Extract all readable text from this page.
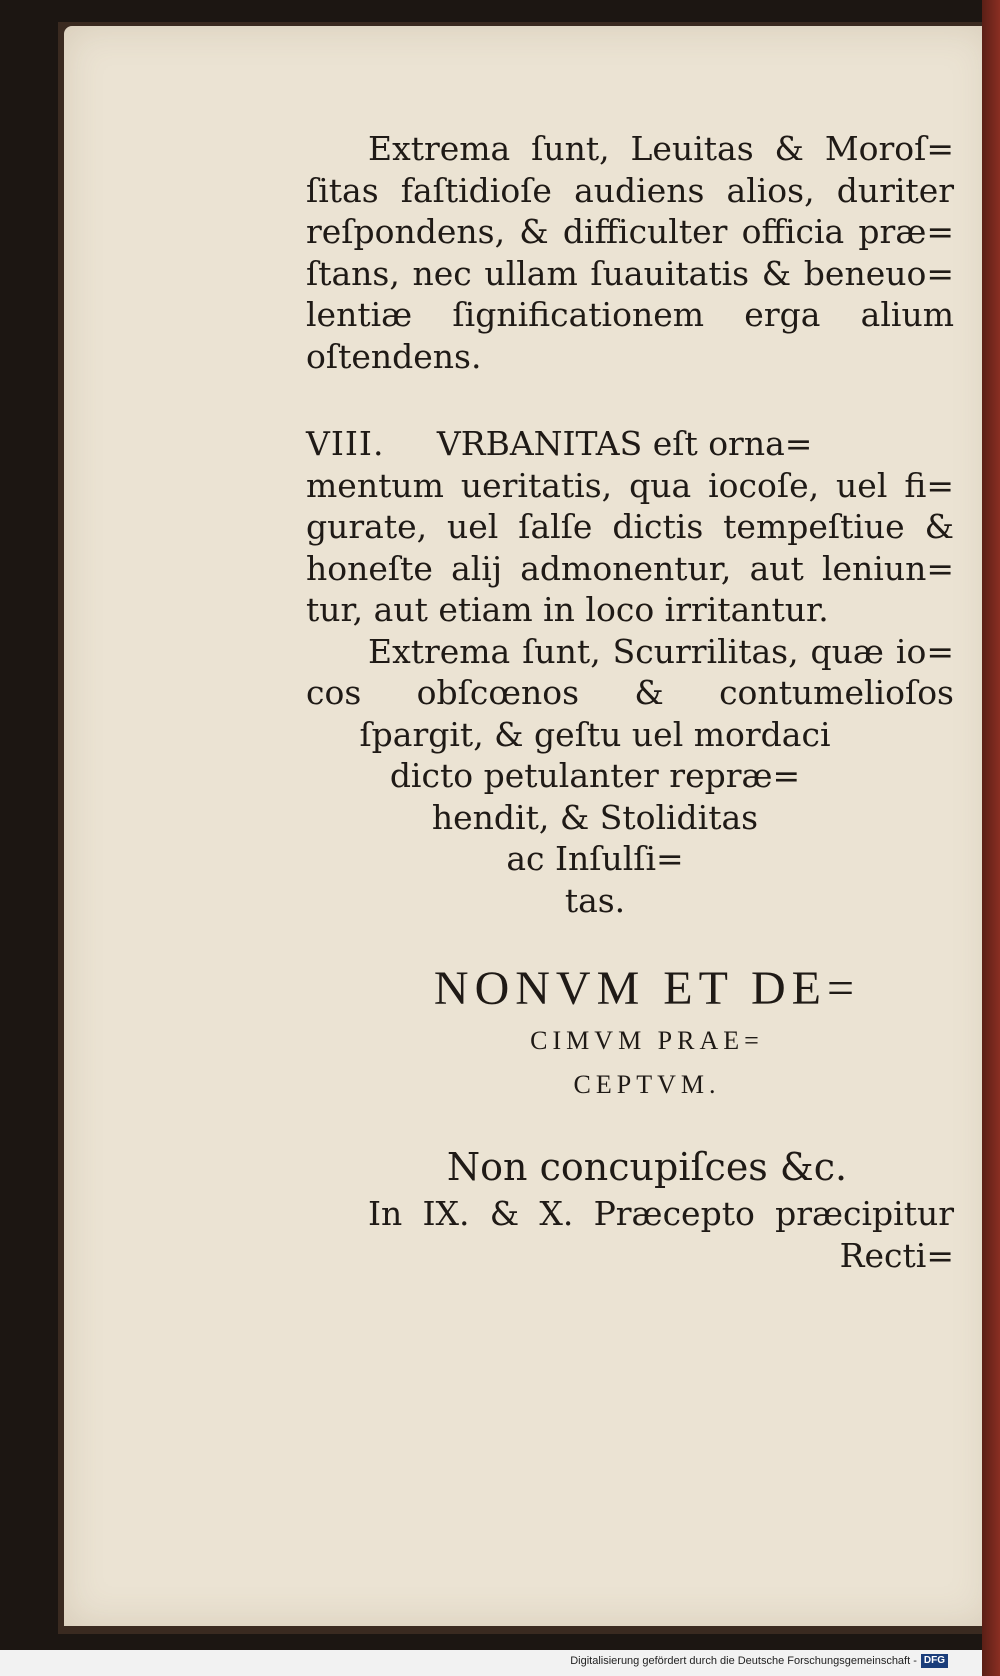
Extrema ſunt, Leuitas & Moroſ=
ſitas faſtidioſe audiens alios, duriter
reſpondens, & difficulter officia præ=
ſtans, nec ullam ſuauitatis & beneuo=
lentiæ ſignificationem erga alium
oſtendens.
VIII. VRBANITAS eſt orna=
mentum ueritatis, qua iocoſe, uel fi=
gurate, uel ſalſe dictis tempeſtiue &
honeſte alij admonentur, aut leniun=
tur, aut etiam in loco irritantur.
Extrema ſunt, Scurrilitas, quæ io=
cos obſcœnos & contumelioſos
ſpargit, & geſtu uel mordaci
dicto petulanter repræ=
hendit, & Stoliditas
ac Inſulſi=
tas.
NONVM ET DE=
CIMVM PRAE=
CEPTVM.
Non concupiſces &c.
In IX. & X. Præcepto præcipitur
Recti=
Digitalisierung gefördert durch die Deutsche Forschungsgemeinschaft - DFG
